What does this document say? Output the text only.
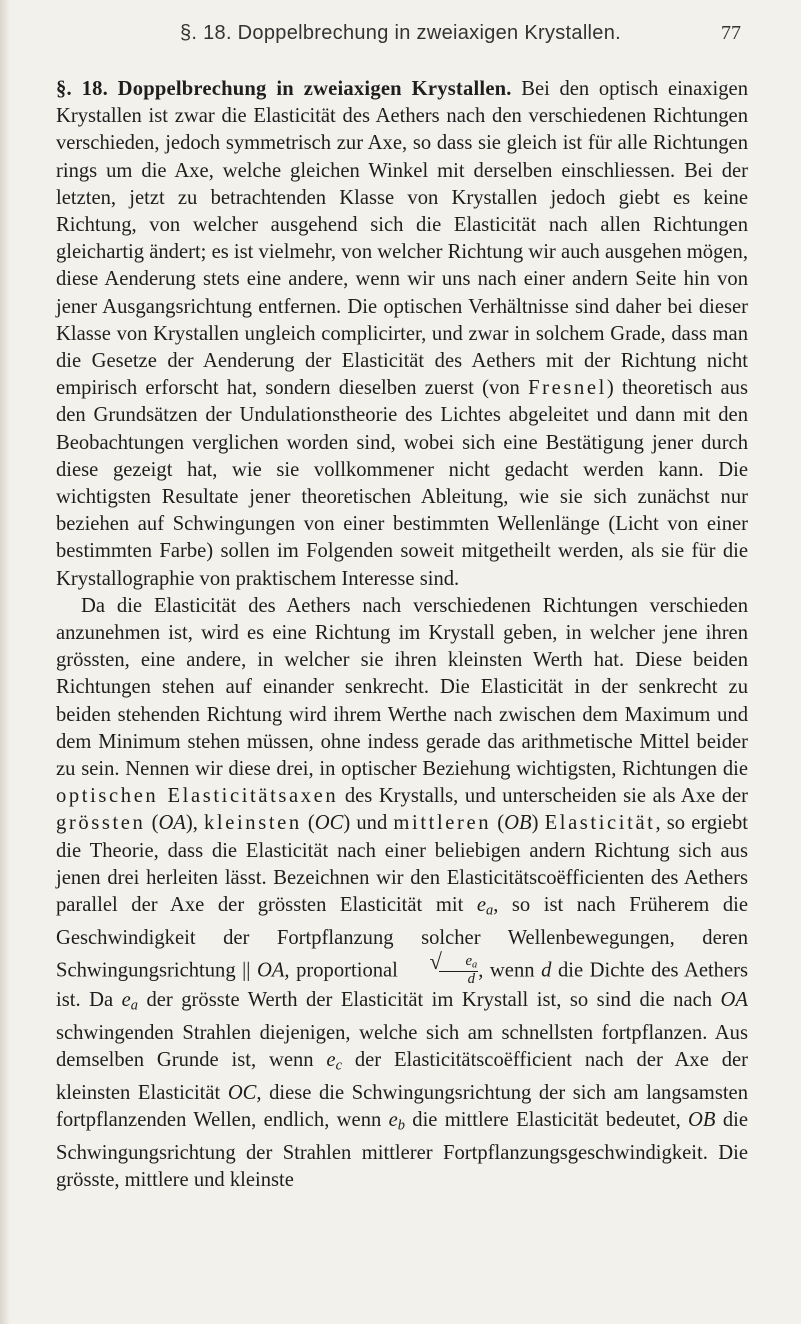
§. 18. Doppelbrechung in zweiaxigen Krystallen.	77

§. 18. Doppelbrechung in zweiaxigen Krystallen. Bei den optisch einaxigen Krystallen ist zwar die Elasticität des Aethers nach den verschiedenen Richtungen verschieden, jedoch symmetrisch zur Axe, so dass sie gleich ist für alle Richtungen rings um die Axe, welche gleichen Winkel mit derselben einschliessen. Bei der letzten, jetzt zu betrachtenden Klasse von Krystallen jedoch giebt es keine Richtung, von welcher ausgehend sich die Elasticität nach allen Richtungen gleichartig ändert; es ist vielmehr, von welcher Richtung wir auch ausgehen mögen, diese Aenderung stets eine andere, wenn wir uns nach einer andern Seite hin von jener Ausgangsrichtung entfernen. Die optischen Verhältnisse sind daher bei dieser Klasse von Krystallen ungleich complicirter, und zwar in solchem Grade, dass man die Gesetze der Aenderung der Elasticität des Aethers mit der Richtung nicht empirisch erforscht hat, sondern dieselben zuerst (von Fresnel) theoretisch aus den Grundsätzen der Undulationstheorie des Lichtes abgeleitet und dann mit den Beobachtungen verglichen worden sind, wobei sich eine Bestätigung jener durch diese gezeigt hat, wie sie vollkommener nicht gedacht werden kann. Die wichtigsten Resultate jener theoretischen Ableitung, wie sie sich zunächst nur beziehen auf Schwingungen von einer bestimmten Wellenlänge (Licht von einer bestimmten Farbe) sollen im Folgenden soweit mitgetheilt werden, als sie für die Krystallographie von praktischem Interesse sind.

Da die Elasticität des Aethers nach verschiedenen Richtungen verschieden anzunehmen ist, wird es eine Richtung im Krystall geben, in welcher jene ihren grössten, eine andere, in welcher sie ihren kleinsten Werth hat. Diese beiden Richtungen stehen auf einander senkrecht. Die Elasticität in der senkrecht zu beiden stehenden Richtung wird ihrem Werthe nach zwischen dem Maximum und dem Minimum stehen müssen, ohne indess gerade das arithmetische Mittel beider zu sein. Nennen wir diese drei, in optischer Beziehung wichtigsten, Richtungen die optischen Elasticitätsaxen des Krystalls, und unterscheiden sie als Axe der grössten (OA), kleinsten (OC) und mittleren (OB) Elasticität, so ergiebt die Theorie, dass die Elasticität nach einer beliebigen andern Richtung sich aus jenen drei herleiten lässt. Bezeichnen wir den Elasticitätscoëfficienten des Aethers parallel der Axe der grössten Elasticität mit $e_a$, so ist nach Früherem die Geschwindigkeit der Fortpflanzung solcher Wellenbewegungen, deren Schwingungsrichtung || OA, proportional	√
$\frac{e_a}{d}$ , wenn d die Dichte des Aethers ist. Da $e_a$ der grösste Werth der Elasticität im Krystall ist, so sind die nach OA schwingenden Strahlen diejenigen, welche sich am schnellsten fortpflanzen. Aus demselben Grunde ist, wenn $e_c$ der Elasticitätscoëfficient nach der Axe der kleinsten Elasticität OC, diese die Schwingungsrichtung der sich am langsamsten fortpflanzenden Wellen, endlich, wenn $e_b$ die mittlere Elasticität bedeutet, OB die Schwingungsrichtung der Strahlen mittlerer Fortpflanzungsgeschwindigkeit. Die grösste, mittlere und kleinste
